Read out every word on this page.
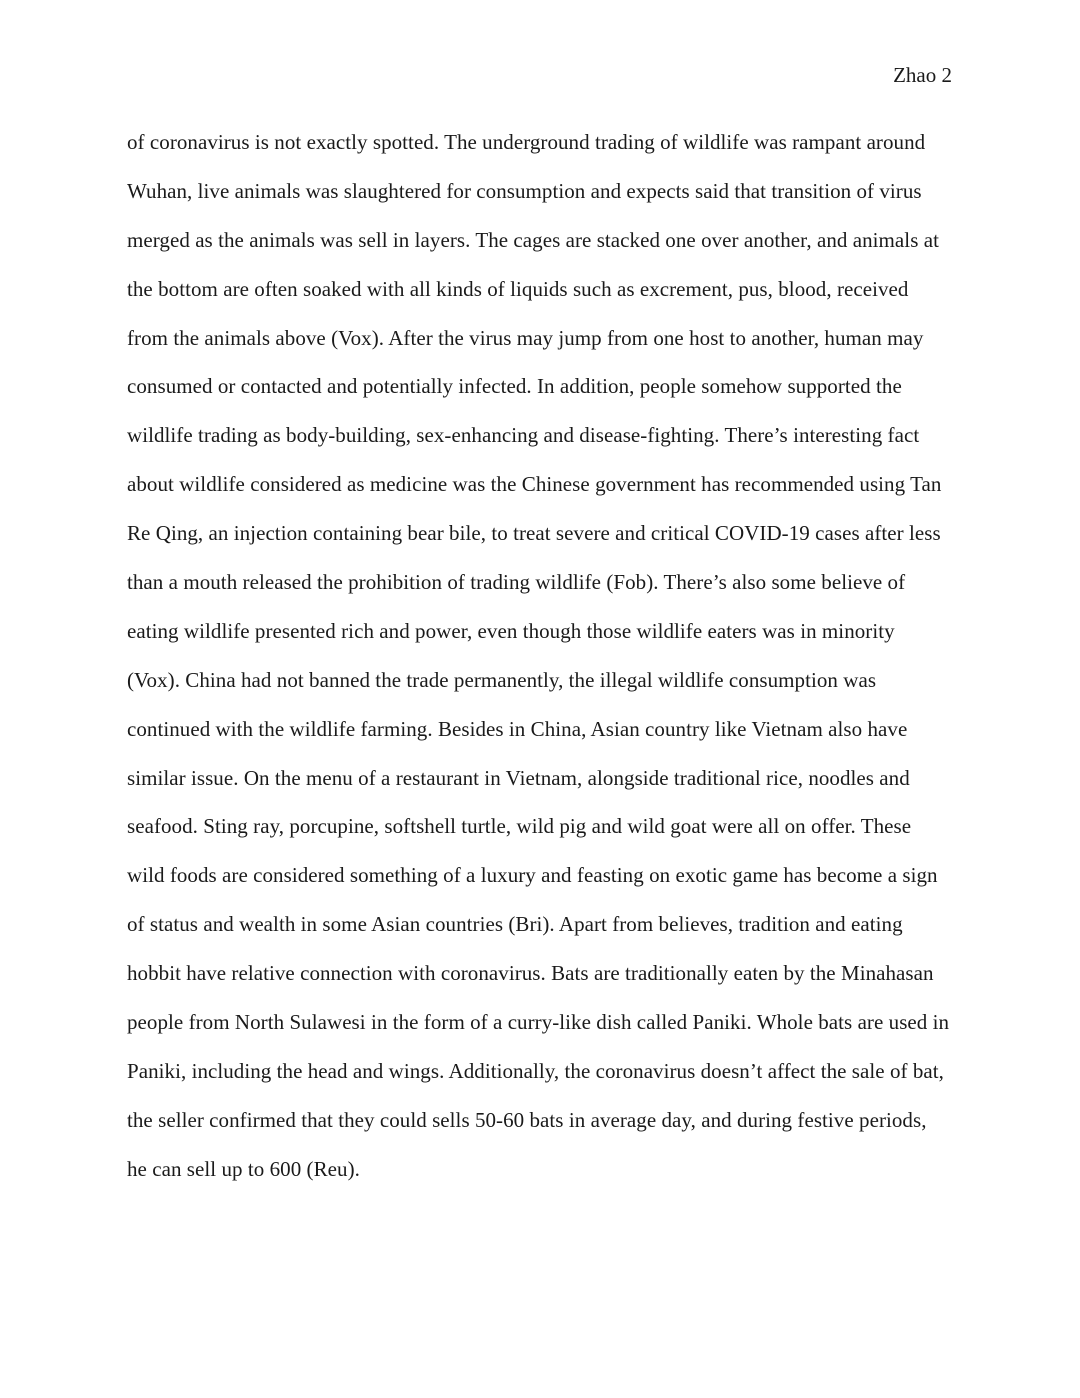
Zhao 2
of coronavirus is not exactly spotted. The underground trading of wildlife was rampant around
Wuhan, live animals was slaughtered for consumption and expects said that transition of virus
merged as the animals was sell in layers. The cages are stacked one over another, and animals at
the bottom are often soaked with all kinds of liquids such as excrement, pus, blood, received
from the animals above (Vox). After the virus may jump from one host to another, human may
consumed or contacted and potentially infected. In addition, people somehow supported the
wildlife trading as body-building, sex-enhancing and disease-fighting. There’s interesting fact
about wildlife considered as medicine was the Chinese government has recommended using Tan
Re Qing, an injection containing bear bile, to treat severe and critical COVID-19 cases after less
than a mouth released the prohibition of trading wildlife (Fob). There’s also some believe of
eating wildlife presented rich and power, even though those wildlife eaters was in minority
(Vox). China had not banned the trade permanently, the illegal wildlife consumption was
continued with the wildlife farming. Besides in China, Asian country like Vietnam also have
similar issue. On the menu of a restaurant in Vietnam, alongside traditional rice, noodles and
seafood. Sting ray, porcupine, softshell turtle, wild pig and wild goat were all on offer. These
wild foods are considered something of a luxury and feasting on exotic game has become a sign
of status and wealth in some Asian countries (Bri). Apart from believes, tradition and eating
hobbit have relative connection with coronavirus. Bats are traditionally eaten by the Minahasan
people from North Sulawesi in the form of a curry-like dish called Paniki. Whole bats are used in
Paniki, including the head and wings. Additionally, the coronavirus doesn’t affect the sale of bat,
the seller confirmed that they could sells 50-60 bats in average day, and during festive periods,
he can sell up to 600 (Reu).
